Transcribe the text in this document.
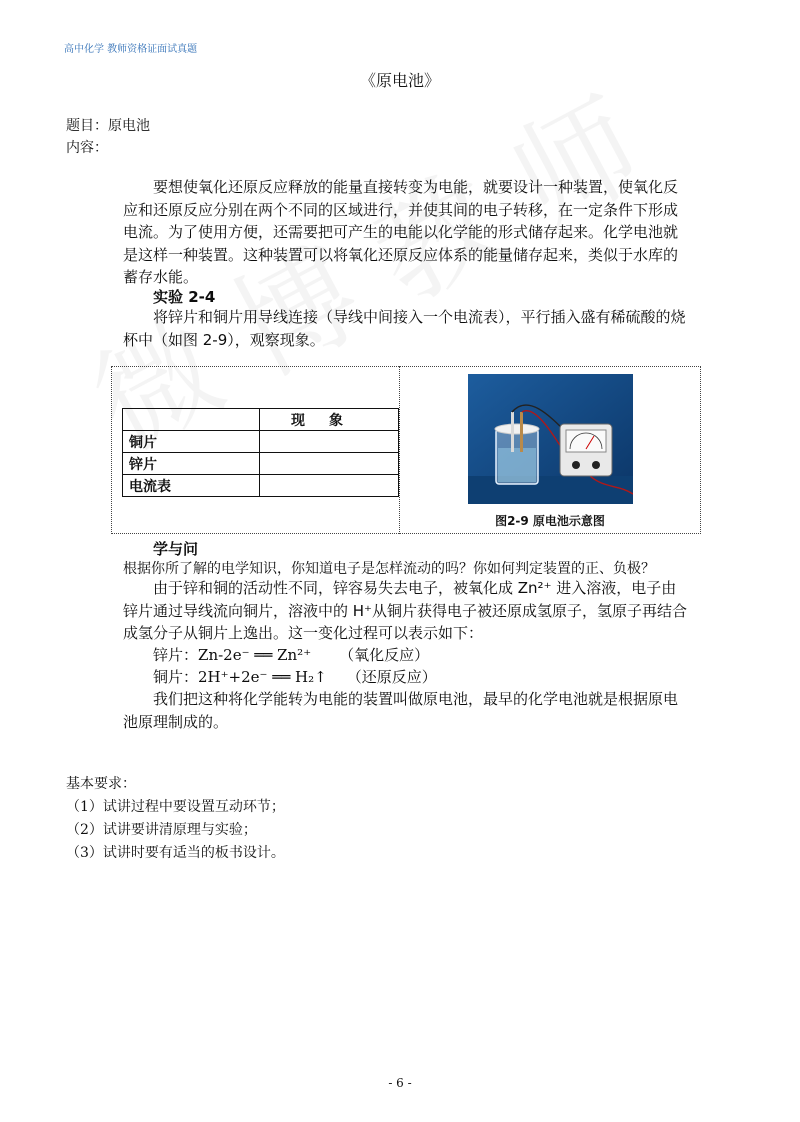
高中化学 教师资格证面试真题
《原电池》
题目：原电池
内容：
要想使氧化还原反应释放的能量直接转变为电能，就要设计一种装置，使氧化反应和还原反应分别在两个不同的区域进行，并使其间的电子转移，在一定条件下形成电流。为了使用方便，还需要把可产生的电能以化学能的形式储存起来。化学电池就是这样一种装置。这种装置可以将氧化还原反应体系的能量储存起来，类似于水库的蓄存水能。
实验 2-4
将锌片和铜片用导线连接（导线中间接入一个电流表），平行插入盛有稀硫酸的烧杯中（如图 2-9），观察现象。
	现象
铜片	
锌片	
电流表	
图2-9 原电池示意图
学与问
根据你所了解的电学知识，你知道电子是怎样流动的吗？你如何判定装置的正、负极？
由于锌和铜的活动性不同，锌容易失去电子，被氧化成 Zn²⁺ 进入溶液，电子由锌片通过导线流向铜片，溶液中的 H⁺从铜片获得电子被还原成氢原子，氢原子再结合成氢分子从铜片上逸出。这一变化过程可以表示如下：
锌片：Zn-2e⁻ ══ Zn²⁺ （氧化反应）
铜片：2H⁺+2e⁻ ══ H₂↑ （还原反应）
我们把这种将化学能转为电能的装置叫做原电池，最早的化学电池就是根据原电池原理制成的。
基本要求：
（1）试讲过程中要设置互动环节；
（2）试讲要讲清原理与实验；
（3）试讲时要有适当的板书设计。
- 6 -
